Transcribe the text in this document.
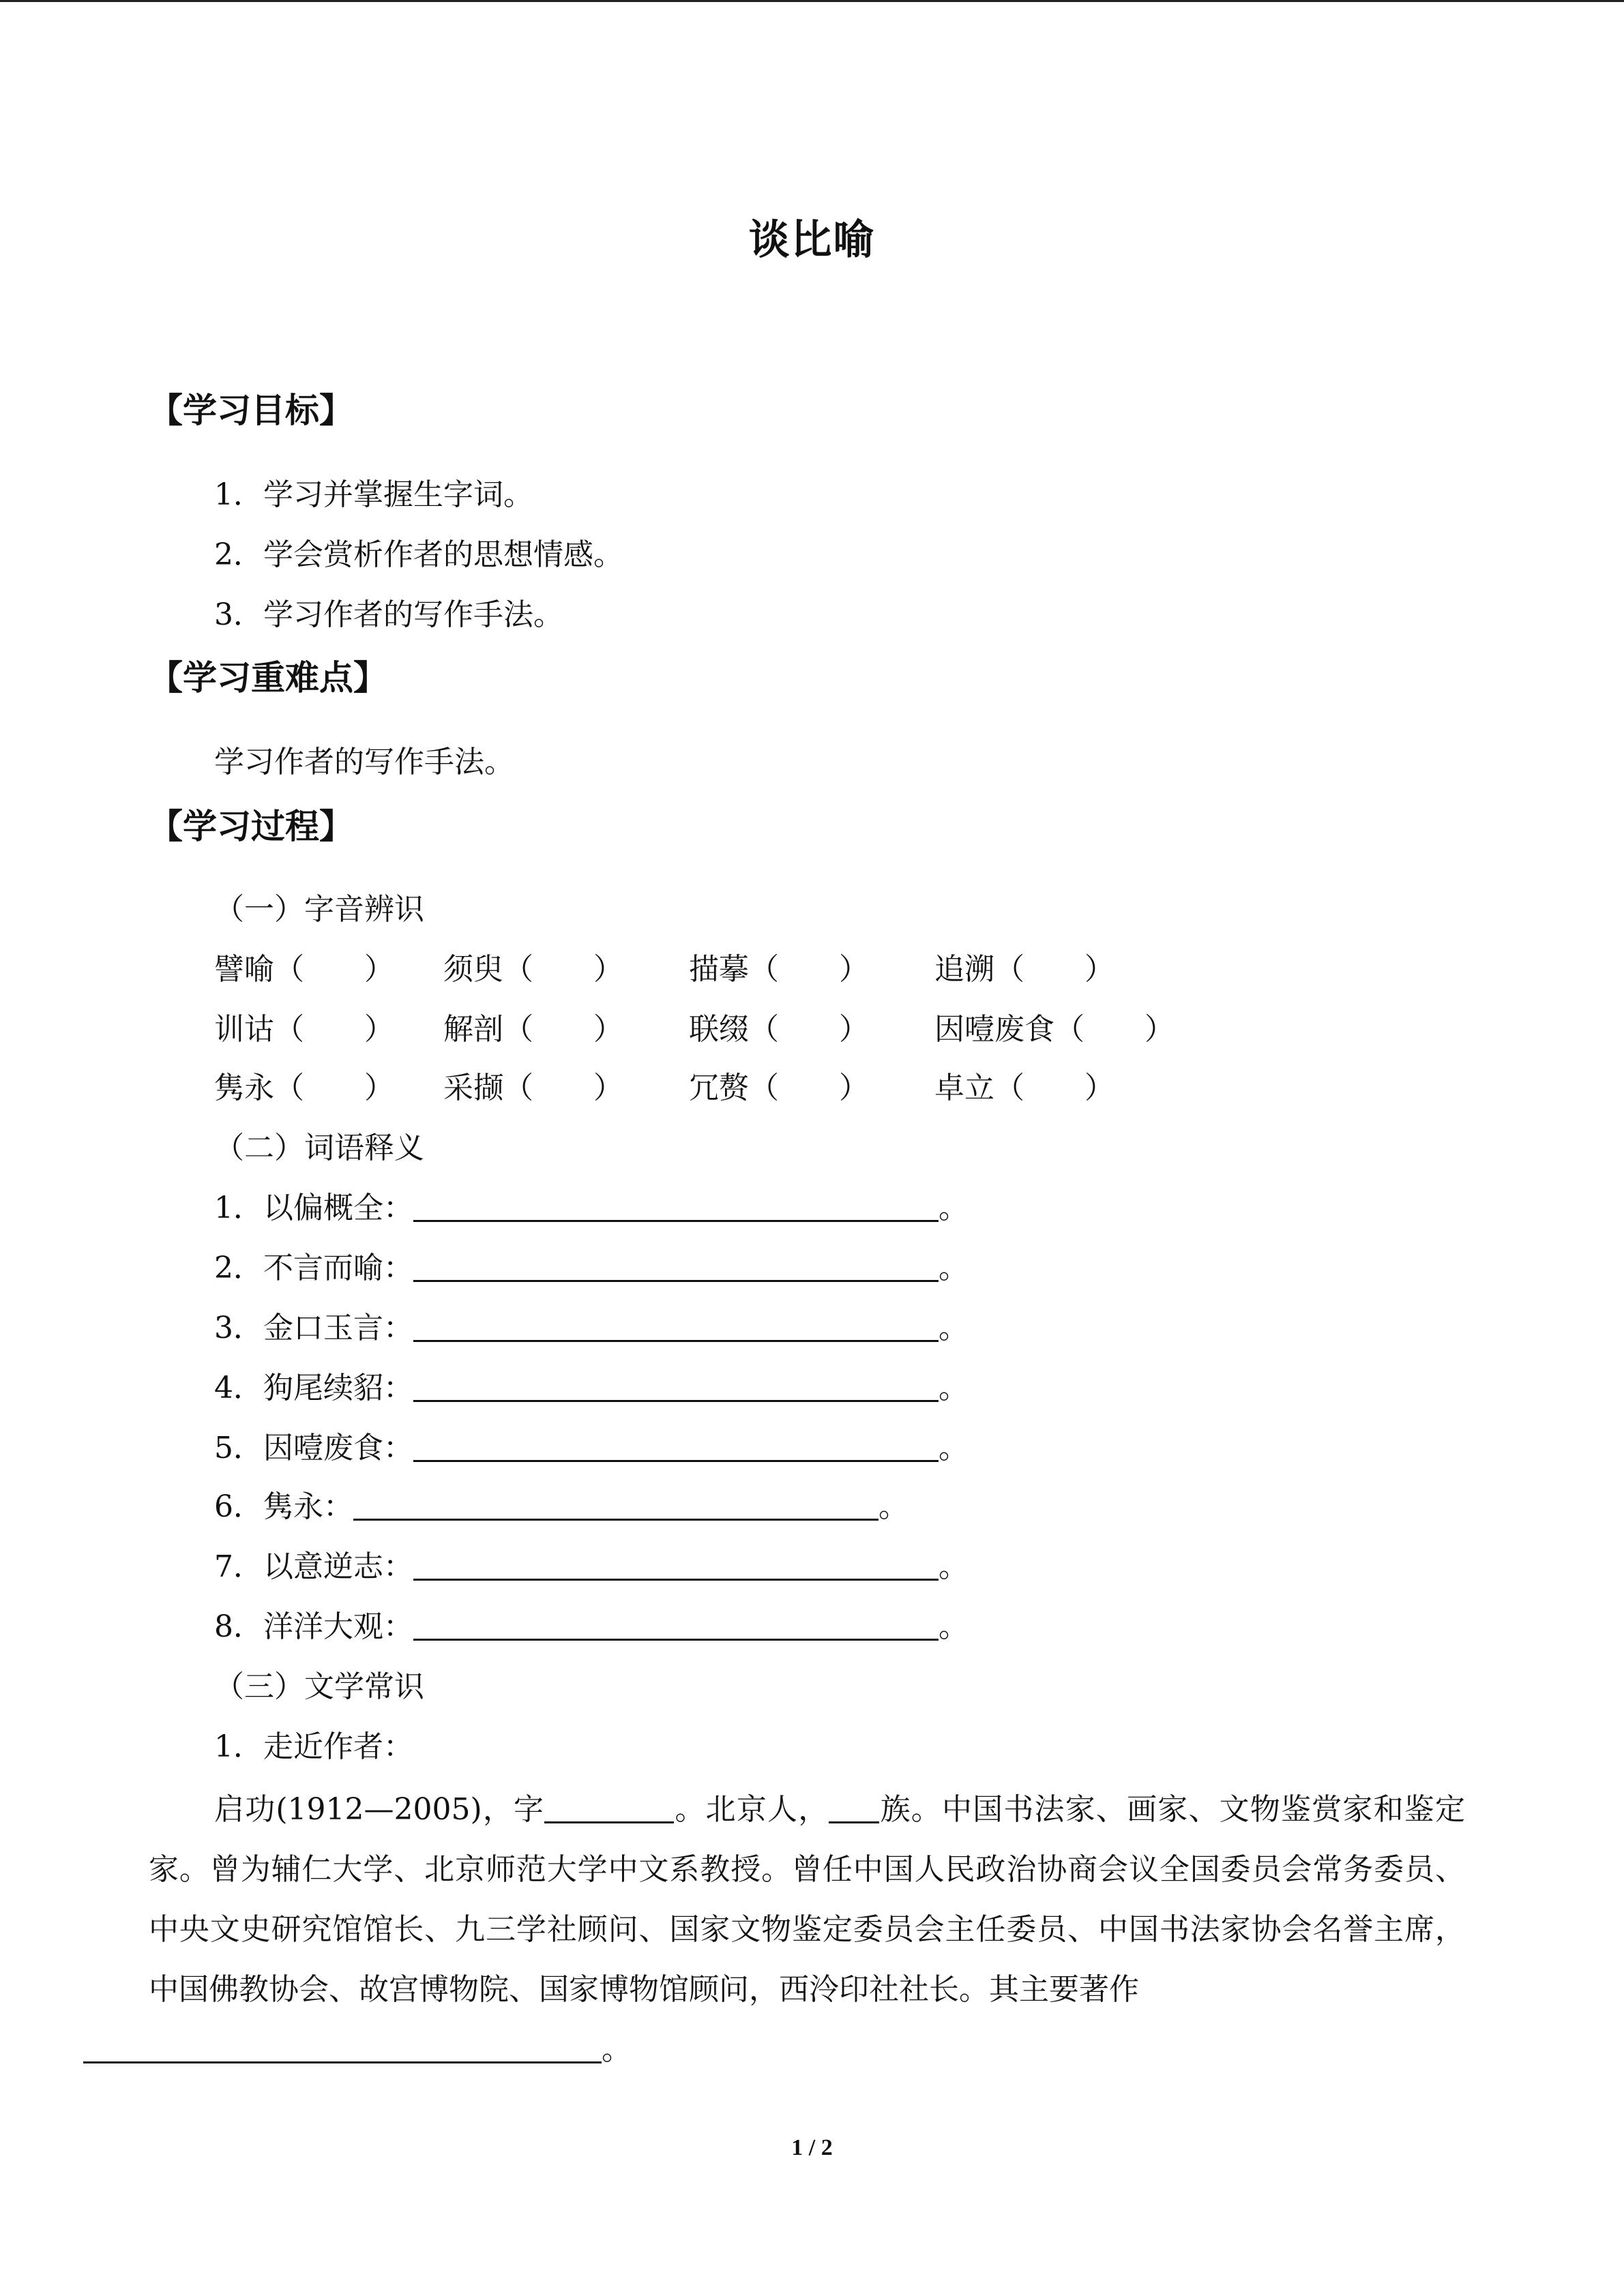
谈比喻
【学习目标】
1．学习并掌握生字词。
2．学会赏析作者的思想情感。
3．学习作者的写作手法。
【学习重难点】
学习作者的写作手法。
【学习过程】
（一）字音辨识
譬喻（　　） 须臾（　　） 描摹（　　） 追溯（　　）
训诂（　　） 解剖（　　） 联缀（　　） 因噎废食（　　）
隽永（　　） 采撷（　　） 冗赘（　　） 卓立（　　）
（二）词语释义
1．以偏概全：	。
2．不言而喻：	。
3．金口玉言：	。
4．狗尾续貂：	。
5．因噎废食：	。
6．隽永：	。
7．以意逆志：	。
8．洋洋大观：	。
（三）文学常识
1．走近作者：
启功(1912—2005)，字	。北京人， 族。中国书法家、画家、文物鉴赏家和鉴定家。曾为辅仁大学、北京师范大学中文系教授。曾任中国人民政治协商会议全国委员会常务委员、中央文史研究馆馆长、九三学社顾问、国家文物鉴定委员会主任委员、中国书法家协会名誉主席，中国佛教协会、故宫博物院、国家博物馆顾问，西泠印社社长。其主要著作
。
1 / 2
